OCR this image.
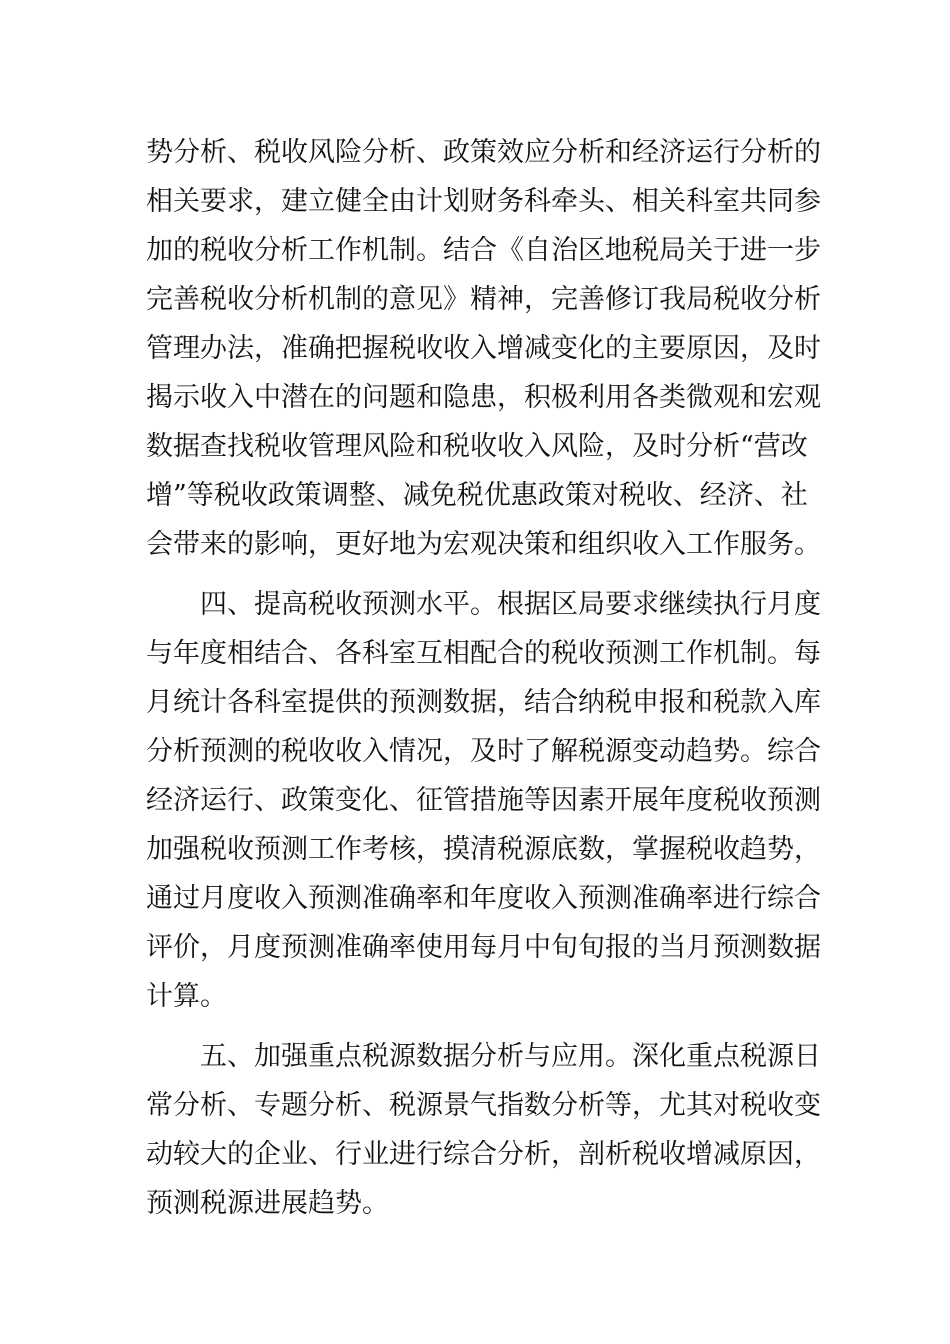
势分析、税收风险分析、政策效应分析和经济运行分析的
相关要求，建立健全由计划财务科牵头、相关科室共同参
加的税收分析工作机制。结合《自治区地税局关于进一步
完善税收分析机制的意见》精神，完善修订我局税收分析
管理办法，准确把握税收收入增减变化的主要原因，及时
揭示收入中潜在的问题和隐患，积极利用各类微观和宏观
数据查找税收管理风险和税收收入风险，及时分析“营改
增”等税收政策调整、减免税优惠政策对税收、经济、社
会带来的影响，更好地为宏观决策和组织收入工作服务。
　　四、提高税收预测水平。根据区局要求继续执行月度
与年度相结合、各科室互相配合的税收预测工作机制。每
月统计各科室提供的预测数据，结合纳税申报和税款入库
分析预测的税收收入情况，及时了解税源变动趋势。综合
经济运行、政策变化、征管措施等因素开展年度税收预测
加强税收预测工作考核，摸清税源底数，掌握税收趋势，
通过月度收入预测准确率和年度收入预测准确率进行综合
评价，月度预测准确率使用每月中旬旬报的当月预测数据
计算。
　　五、加强重点税源数据分析与应用。深化重点税源日
常分析、专题分析、税源景气指数分析等，尤其对税收变
动较大的企业、行业进行综合分析，剖析税收增减原因，
预测税源进展趋势。
